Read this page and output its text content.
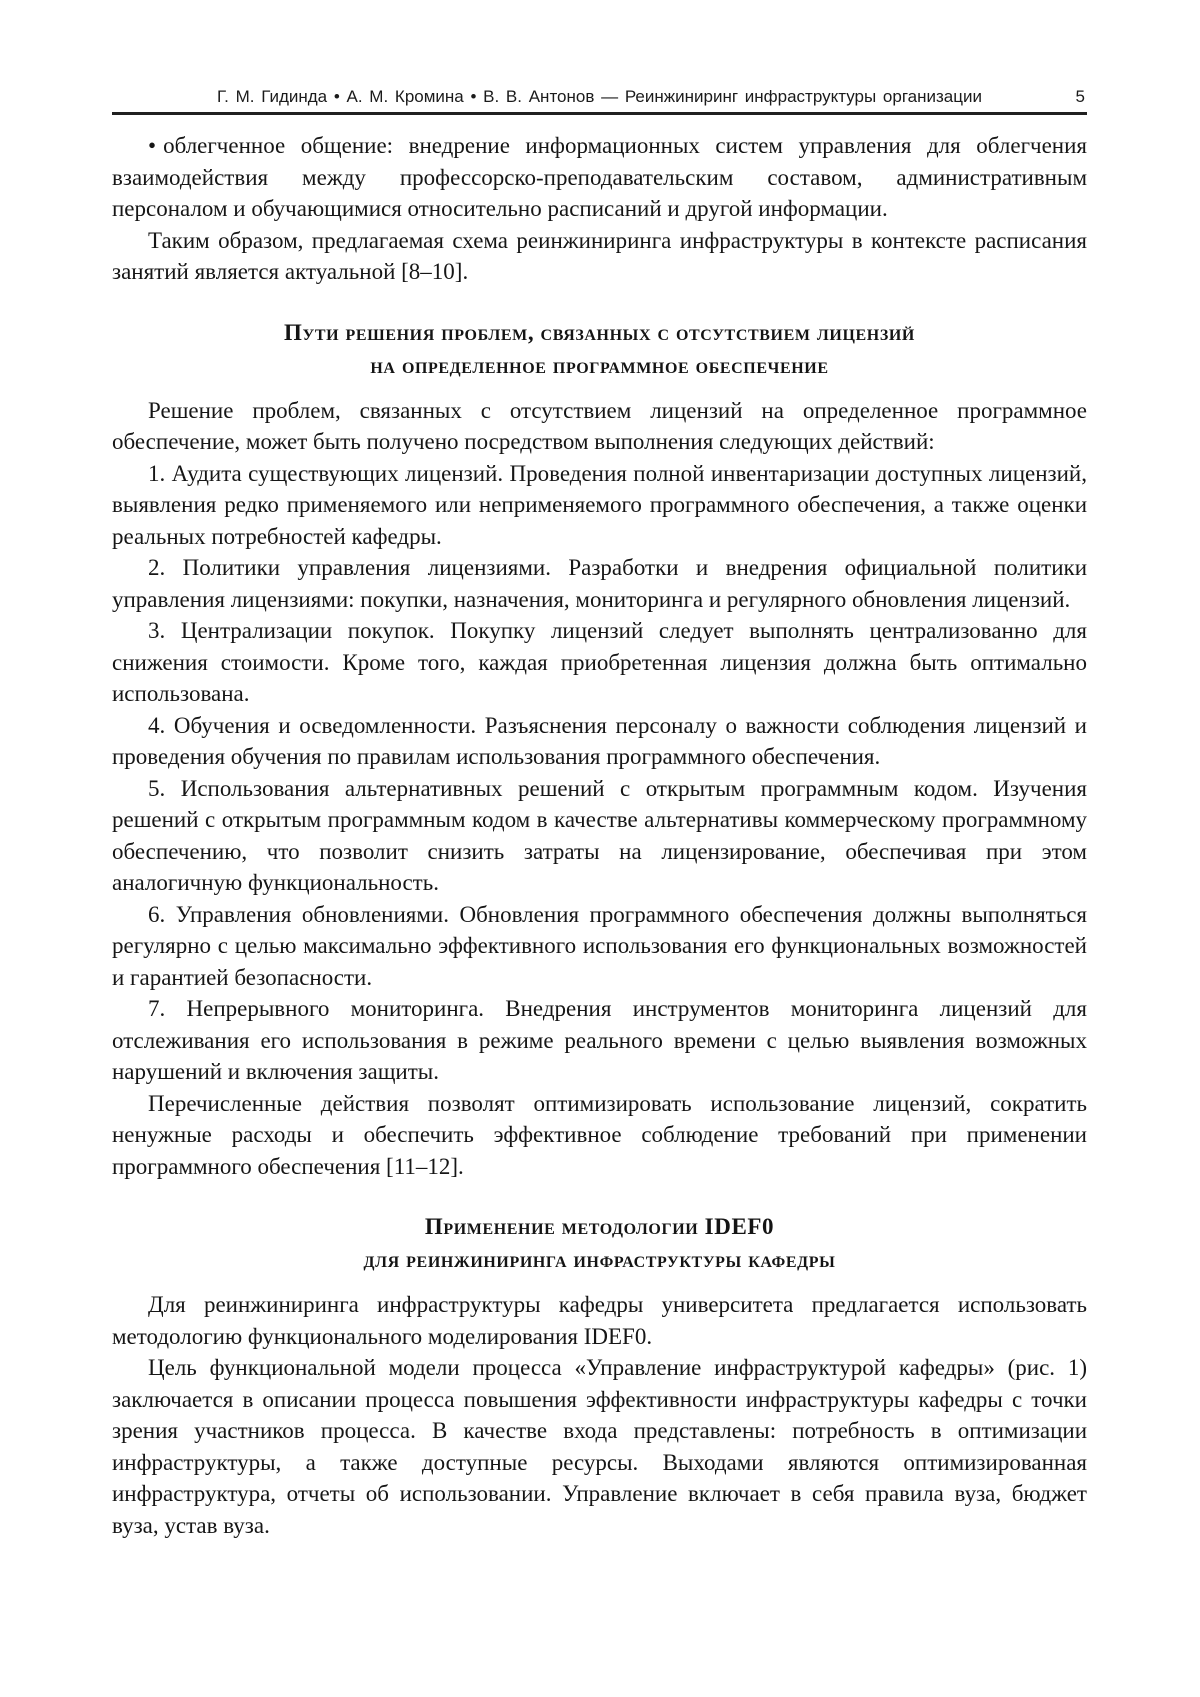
Г. М. Гидинда • А. М. Кромина • В. В. Антонов — Реинжиниринг инфраструктуры организации	5

• облегченное общение: внедрение информационных систем управления для облегчения взаимодействия между профессорско-преподавательским составом, административным персоналом и обучающимися относительно расписаний и другой информации.

Таким образом, предлагаемая схема реинжиниринга инфраструктуры в контексте расписания занятий является актуальной [8–10].

Пути решения проблем, связанных с отсутствием лицензий
на определенное программное обеспечение

Решение проблем, связанных с отсутствием лицензий на определенное программное обеспечение, может быть получено посредством выполнения следующих действий:

1. Аудита существующих лицензий. Проведения полной инвентаризации доступных лицензий, выявления редко применяемого или неприменяемого программного обеспечения, а также оценки реальных потребностей кафедры.

2. Политики управления лицензиями. Разработки и внедрения официальной политики управления лицензиями: покупки, назначения, мониторинга и регулярного обновления лицензий.

3. Централизации покупок. Покупку лицензий следует выполнять централизованно для снижения стоимости. Кроме того, каждая приобретенная лицензия должна быть оптимально использована.

4. Обучения и осведомленности. Разъяснения персоналу о важности соблюдения лицензий и проведения обучения по правилам использования программного обеспечения.

5. Использования альтернативных решений с открытым программным кодом. Изучения решений с открытым программным кодом в качестве альтернативы коммерческому программному обеспечению, что позволит снизить затраты на лицензирование, обеспечивая при этом аналогичную функциональность.

6. Управления обновлениями. Обновления программного обеспечения должны выполняться регулярно с целью максимально эффективного использования его функциональных возможностей и гарантией безопасности.

7. Непрерывного мониторинга. Внедрения инструментов мониторинга лицензий для отслеживания его использования в режиме реального времени с целью выявления возможных нарушений и включения защиты.

Перечисленные действия позволят оптимизировать использование лицензий, сократить ненужные расходы и обеспечить эффективное соблюдение требований при применении программного обеспечения [11–12].

Применение методологии IDEF0
для реинжиниринга инфраструктуры кафедры

Для реинжиниринга инфраструктуры кафедры университета предлагается использовать методологию функционального моделирования IDEF0.

Цель функциональной модели процесса «Управление инфраструктурой кафедры» (рис. 1) заключается в описании процесса повышения эффективности инфраструктуры кафедры с точки зрения участников процесса. В качестве входа представлены: потребность в оптимизации инфраструктуры, а также доступные ресурсы. Выходами являются оптимизированная инфраструктура, отчеты об использовании. Управление включает в себя правила вуза, бюджет вуза, устав вуза.
